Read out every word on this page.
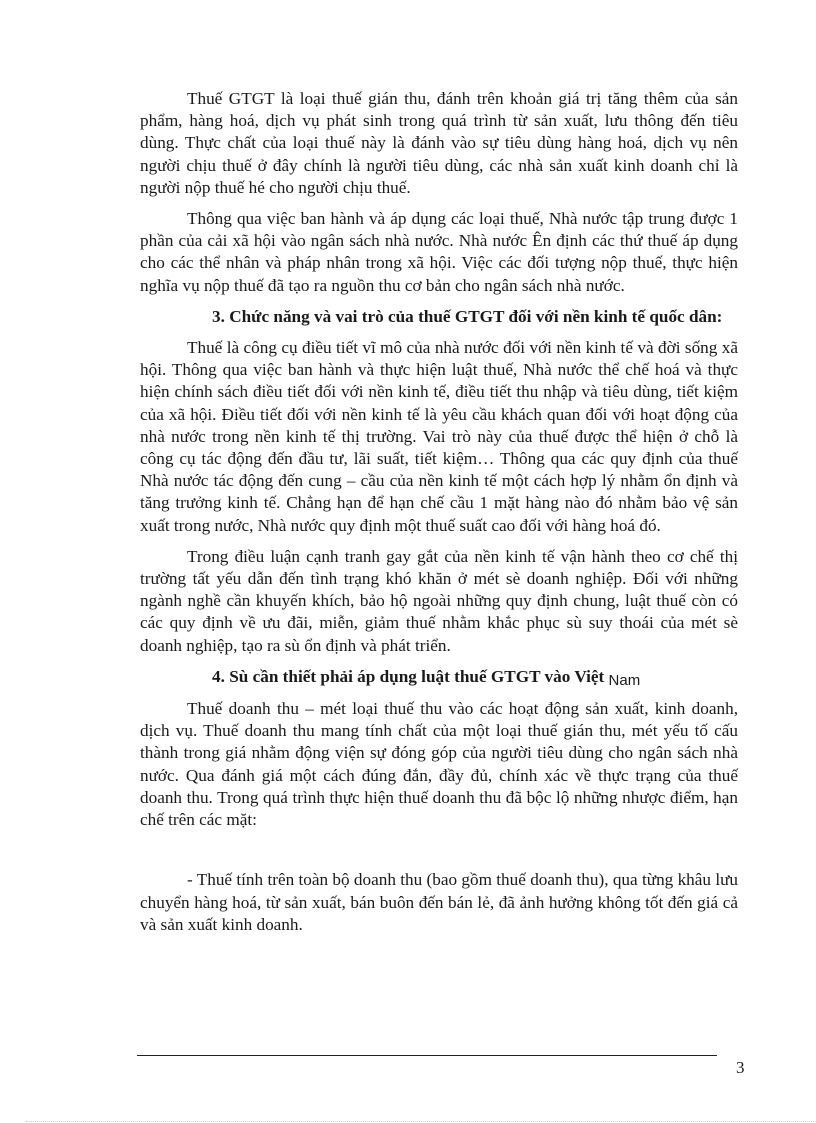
Thuế GTGT là loại thuế gián thu, đánh trên khoản giá trị tăng thêm của sản phẩm, hàng hoá, dịch vụ phát sinh trong quá trình từ sản xuất, lưu thông đến tiêu dùng. Thực chất của loại thuế này là đánh vào sự tiêu dùng hàng hoá, dịch vụ nên người chịu thuế ở đây chính là người tiêu dùng, các nhà sản xuất kinh doanh chỉ là người nộp thuế hé cho người chịu thuế.

Thông qua việc ban hành và áp dụng các loại thuế, Nhà nước tập trung được 1 phần của cải xã hội vào ngân sách nhà nước. Nhà nước Ên định các thứ thuế áp dụng cho các thể nhân và pháp nhân trong xã hội. Việc các đối tượng nộp thuế, thực hiện nghĩa vụ nộp thuế đã tạo ra nguồn thu cơ bản cho ngân sách nhà nước.

3. Chức năng và vai trò của thuế GTGT đối với nền kinh tế quốc dân:

Thuế là công cụ điều tiết vĩ mô của nhà nước đối với nền kinh tế và đời sống xã hội. Thông qua việc ban hành và thực hiện luật thuế, Nhà nước thể chế hoá và thực hiện chính sách điều tiết đối với nền kinh tế, điều tiết thu nhập và tiêu dùng, tiết kiệm của xã hội. Điều tiết đối với nền kinh tế là yêu cầu khách quan đối với hoạt động của nhà nước trong nền kinh tế thị trường. Vai trò này của thuế được thể hiện ở chỗ là công cụ tác động đến đầu tư, lãi suất, tiết kiệm… Thông qua các quy định của thuế Nhà nước tác động đến cung – cầu của nền kinh tế một cách hợp lý nhằm ổn định và tăng trưởng kinh tế. Chẳng hạn để hạn chế cầu 1 mặt hàng nào đó nhằm bảo vệ sản xuất trong nước, Nhà nước quy định một thuế suất cao đối với hàng hoá đó.

Trong điều luận cạnh tranh gay gắt của nền kinh tế vận hành theo cơ chế thị trường tất yếu dẫn đến tình trạng khó khăn ở mét sè doanh nghiệp. Đối với những ngành nghề cần khuyến khích, bảo hộ ngoài những quy định chung, luật thuế còn có các quy định về ưu đãi, miễn, giảm thuế nhằm khắc phục sù suy thoái của mét sè doanh nghiệp, tạo ra sù ổn định và phát triển.

4. Sù cần thiết phải áp dụng luật thuế GTGT vào Việt Nam

Thuế doanh thu – mét loại thuế thu vào các hoạt động sản xuất, kinh doanh, dịch vụ. Thuế doanh thu mang tính chất của một loại thuế gián thu, mét yếu tố cấu thành trong giá nhằm động viện sự đóng góp của người tiêu dùng cho ngân sách nhà nước. Qua đánh giá một cách đúng đắn, đầy đủ, chính xác về thực trạng của thuế doanh thu. Trong quá trình thực hiện thuế doanh thu đã bộc lộ những nhược điểm, hạn chế trên các mặt:

- Thuế tính trên toàn bộ doanh thu (bao gồm thuế doanh thu), qua từng khâu lưu chuyển hàng hoá, từ sản xuất, bán buôn đến bán lẻ, đã ảnh hưởng không tốt đến giá cả và sản xuất kinh doanh.

3
